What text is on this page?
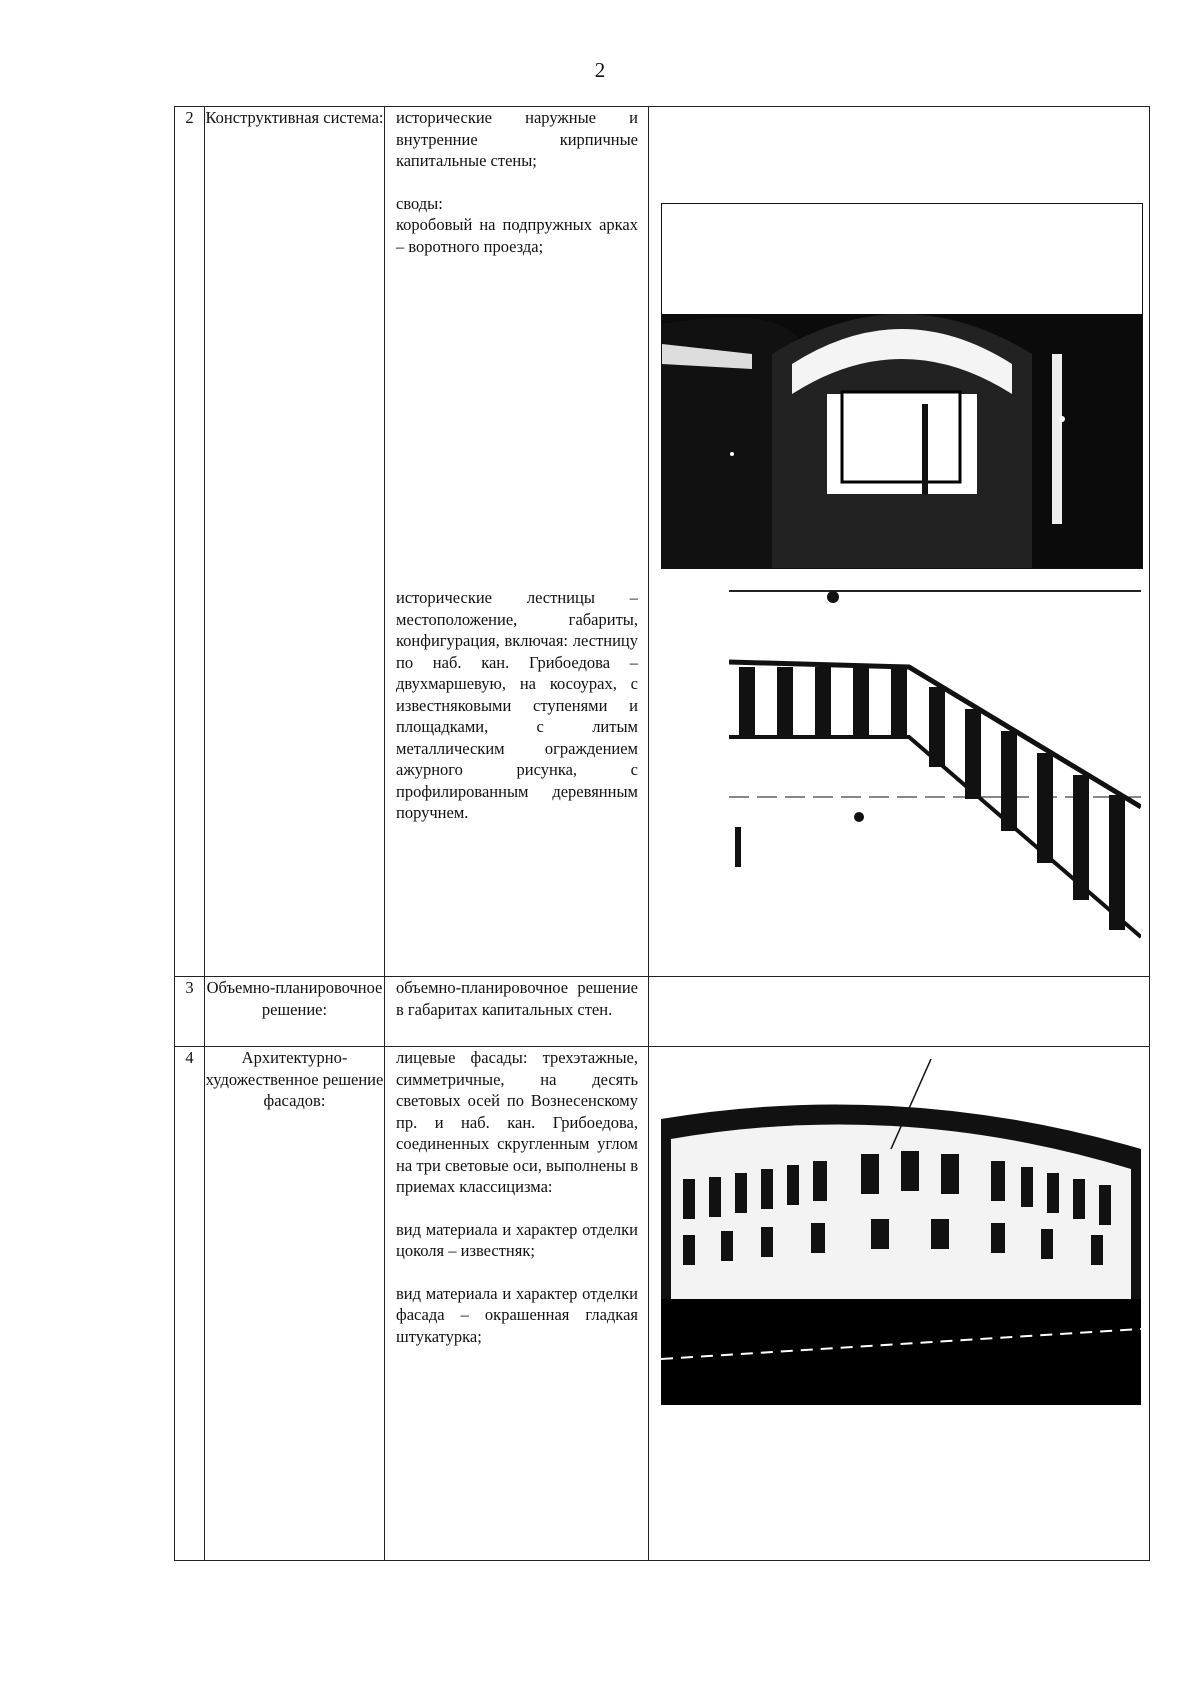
2
2	Конструктивная система:	исторические наружные и внутренние кирпичные капитальные стены;

своды:
коробовый на подпружных арках – воротного проезда;

исторические лестницы – местоположение, габариты, конфигурация, включая: лестницу по наб. кан. Грибоедова – двухмаршевую, на косоурах, с известняковыми ступенями и площадками, с литым металлическим ограждением ажурного рисунка, с профилированным деревянным поручнем.

3	Объемно-планировочное решение:	объемно-планировочное решение в габаритах капитальных стен.	

4	Архитектурно-художественное решение фасадов:	лицевые фасады: трехэтажные, симметричные, на десять световых осей по Вознесенскому пр. и наб. кан. Грибоедова, соединенных скругленным углом на три световые оси, выполнены в приемах классицизма:

вид материала и характер отделки цоколя – известняк;

вид материала и характер отделки фасада – окрашенная гладкая штукатурка;
